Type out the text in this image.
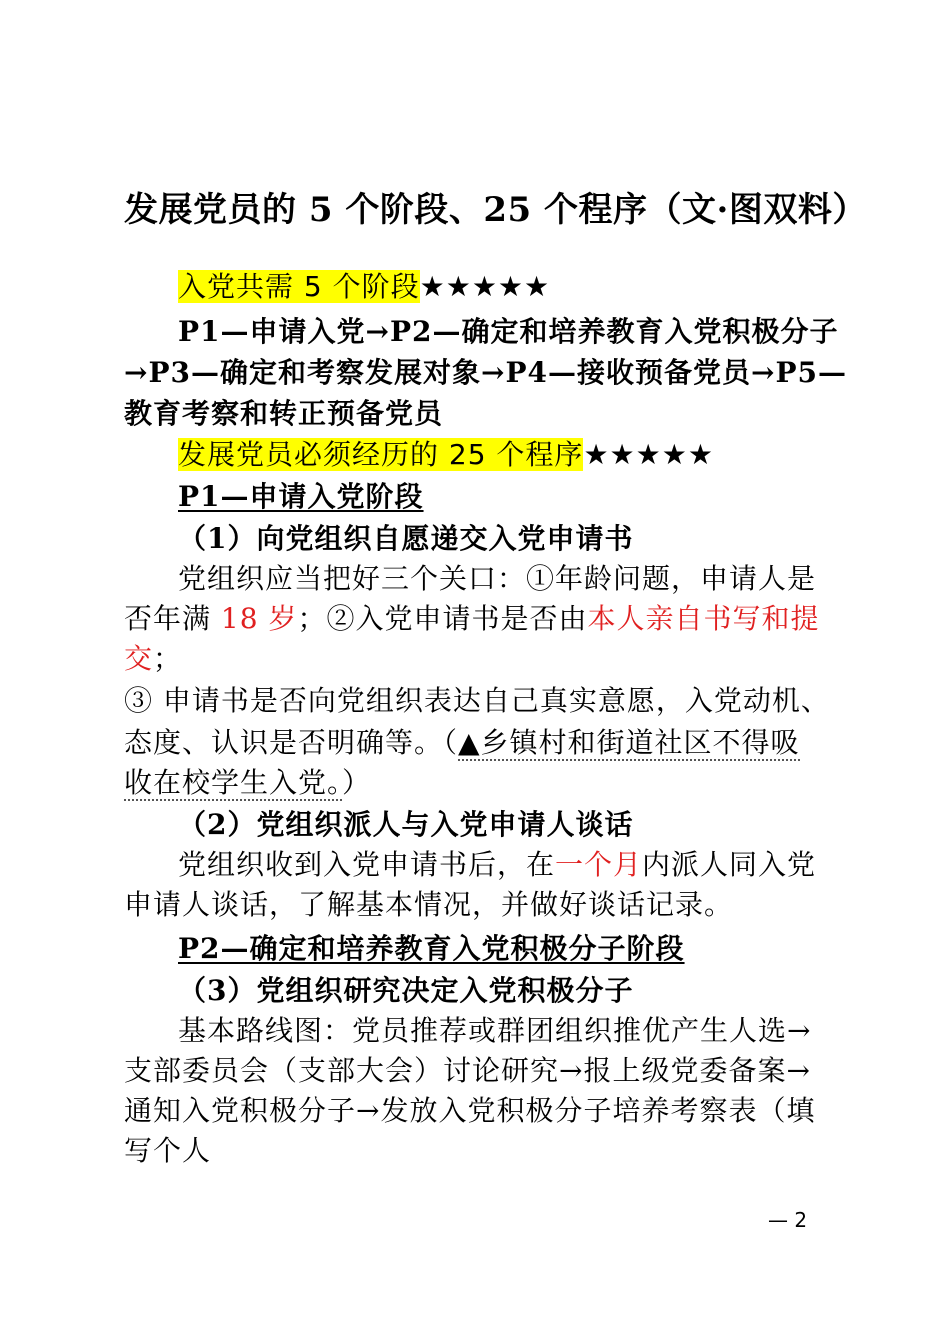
发展党员的 5 个阶段、25 个程序（文·图双料）
入党共需 5 个阶段★★★★★
P1—申请入党→P2—确定和培养教育入党积极分子
→P3—确定和考察发展对象→P4—接收预备党员→P5—
教育考察和转正预备党员
发展党员必须经历的 25 个程序★★★★★
P1—申请入党阶段
（1）向党组织自愿递交入党申请书
党组织应当把好三个关口：①年龄问题，申请人是
否年满 18 岁；②入党申请书是否由本人亲自书写和提
交；
③ 申请书是否向党组织表达自己真实意愿，入党动机、
态度、认识是否明确等。（▲乡镇村和街道社区不得吸
收在校学生入党。）
（2）党组织派人与入党申请人谈话
党组织收到入党申请书后，在一个月内派人同入党
申请人谈话，了解基本情况，并做好谈话记录。
P2—确定和培养教育入党积极分子阶段
（3）党组织研究决定入党积极分子
基本路线图：党员推荐或群团组织推优产生人选→
支部委员会（支部大会）讨论研究→报上级党委备案→
通知入党积极分子→发放入党积极分子培养考察表（填
写个人
— 2
